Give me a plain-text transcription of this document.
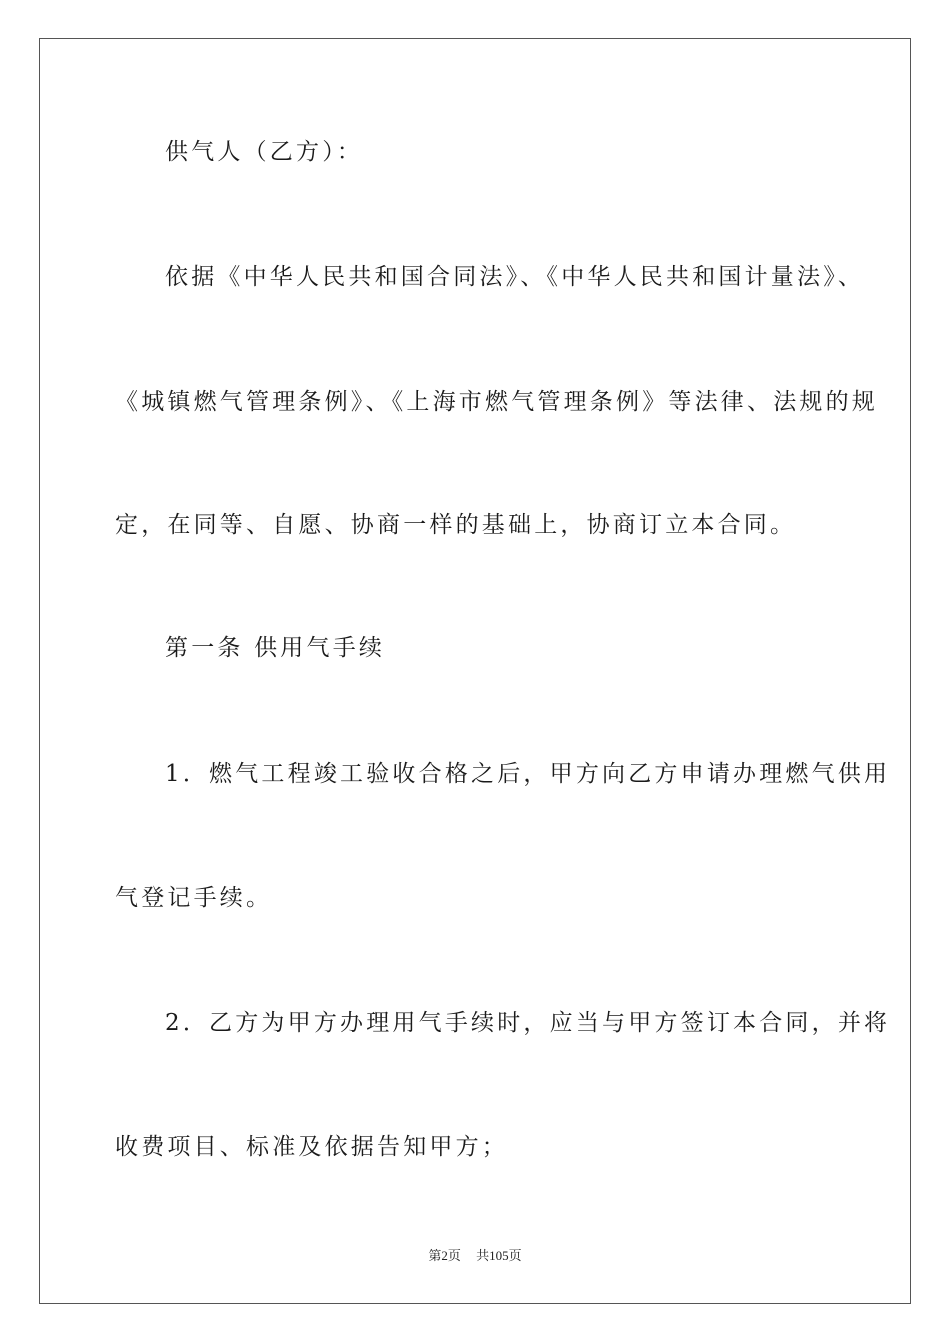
供气人（乙方）：
依据《中华人民共和国合同法》、《中华人民共和国计量法》、
《城镇燃气管理条例》、《上海市燃气管理条例》等法律、法规的规
定，在同等、自愿、协商一样的基础上，协商订立本合同。
第一条 供用气手续
1．燃气工程竣工验收合格之后，甲方向乙方申请办理燃气供用
气登记手续。
2．乙方为甲方办理用气手续时，应当与甲方签订本合同，并将
收费项目、标准及依据告知甲方；
第2页 共105页
